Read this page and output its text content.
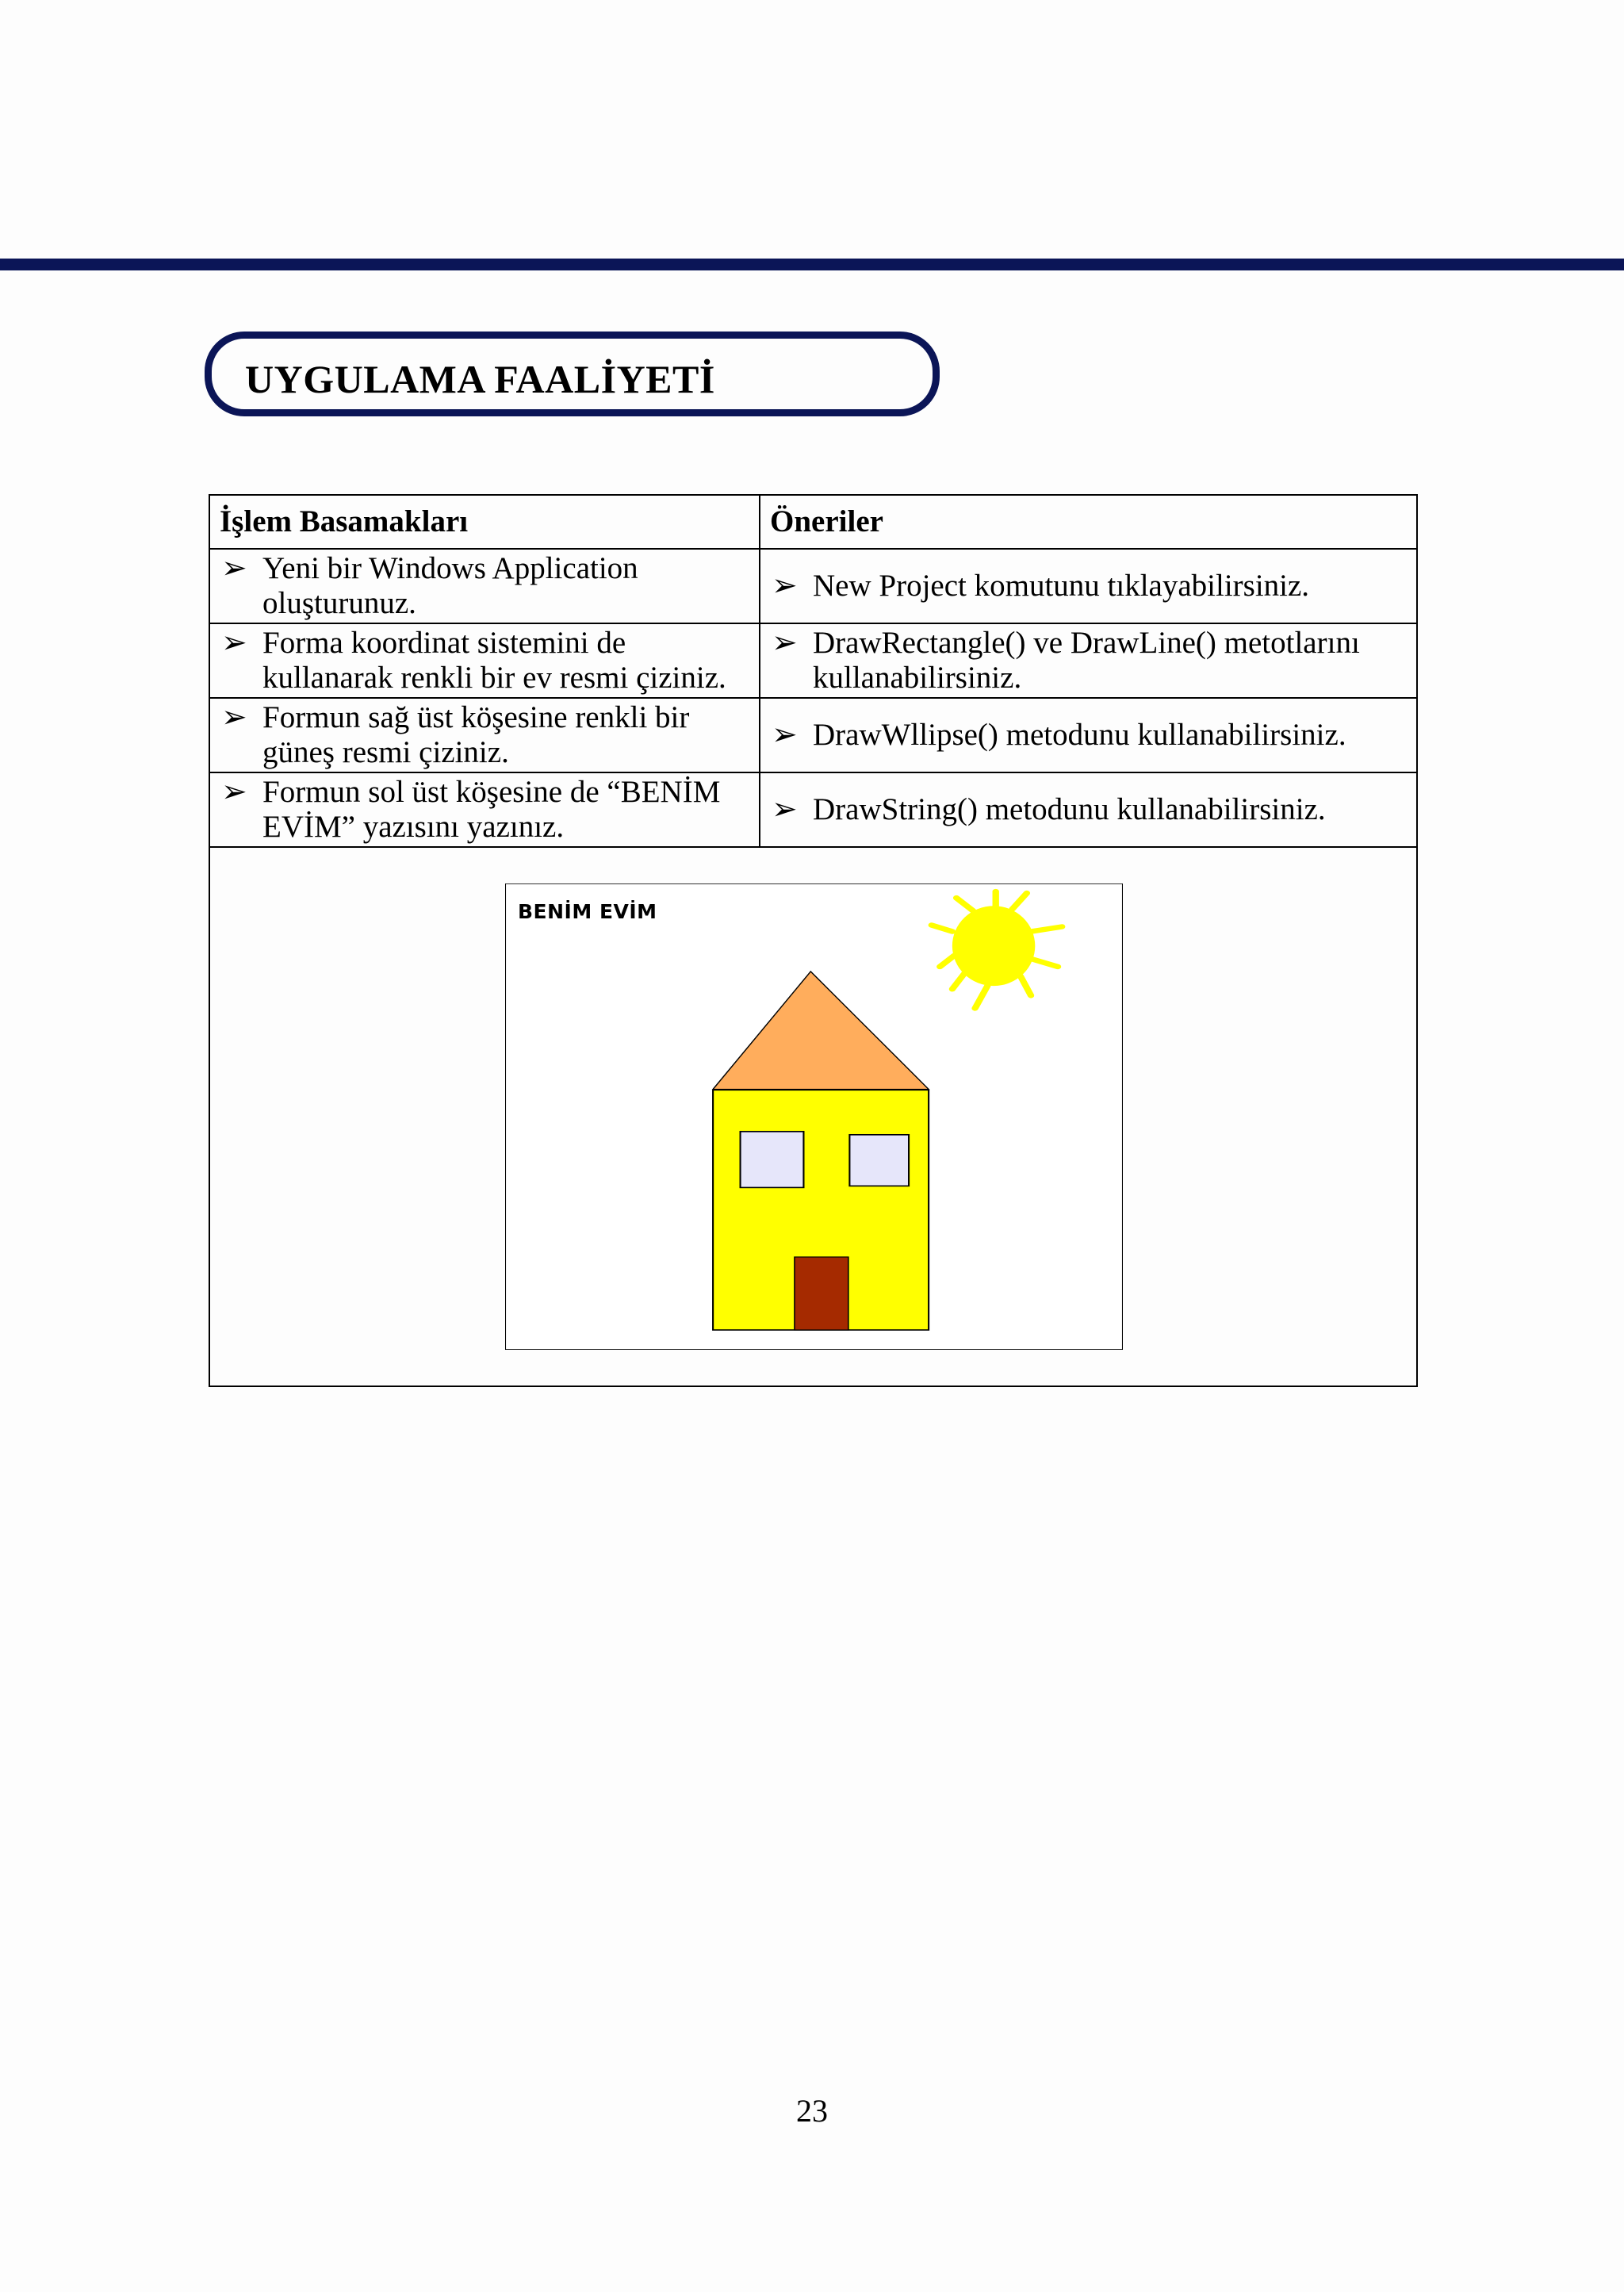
UYGULAMA FAALİYETİ
İşlem Basamakları	Öneriler

➢ Yeni bir Windows Application oluşturunuz.	➢ New Project komutunu tıklayabilirsiniz.

➢ Forma koordinat sistemini de kullanarak renkli bir ev resmi çiziniz.	➢ DrawRectangle() ve DrawLine() metotlarını kullanabilirsiniz.

➢ Formun sağ üst köşesine renkli bir güneş resmi çiziniz.	➢ DrawWllipse() metodunu kullanabilirsiniz.

➢ Formun sol üst köşesine de “BENİM EVİM” yazısını yazınız.	➢ DrawString() metodunu kullanabilirsiniz.

BENİM EVİM	
23
